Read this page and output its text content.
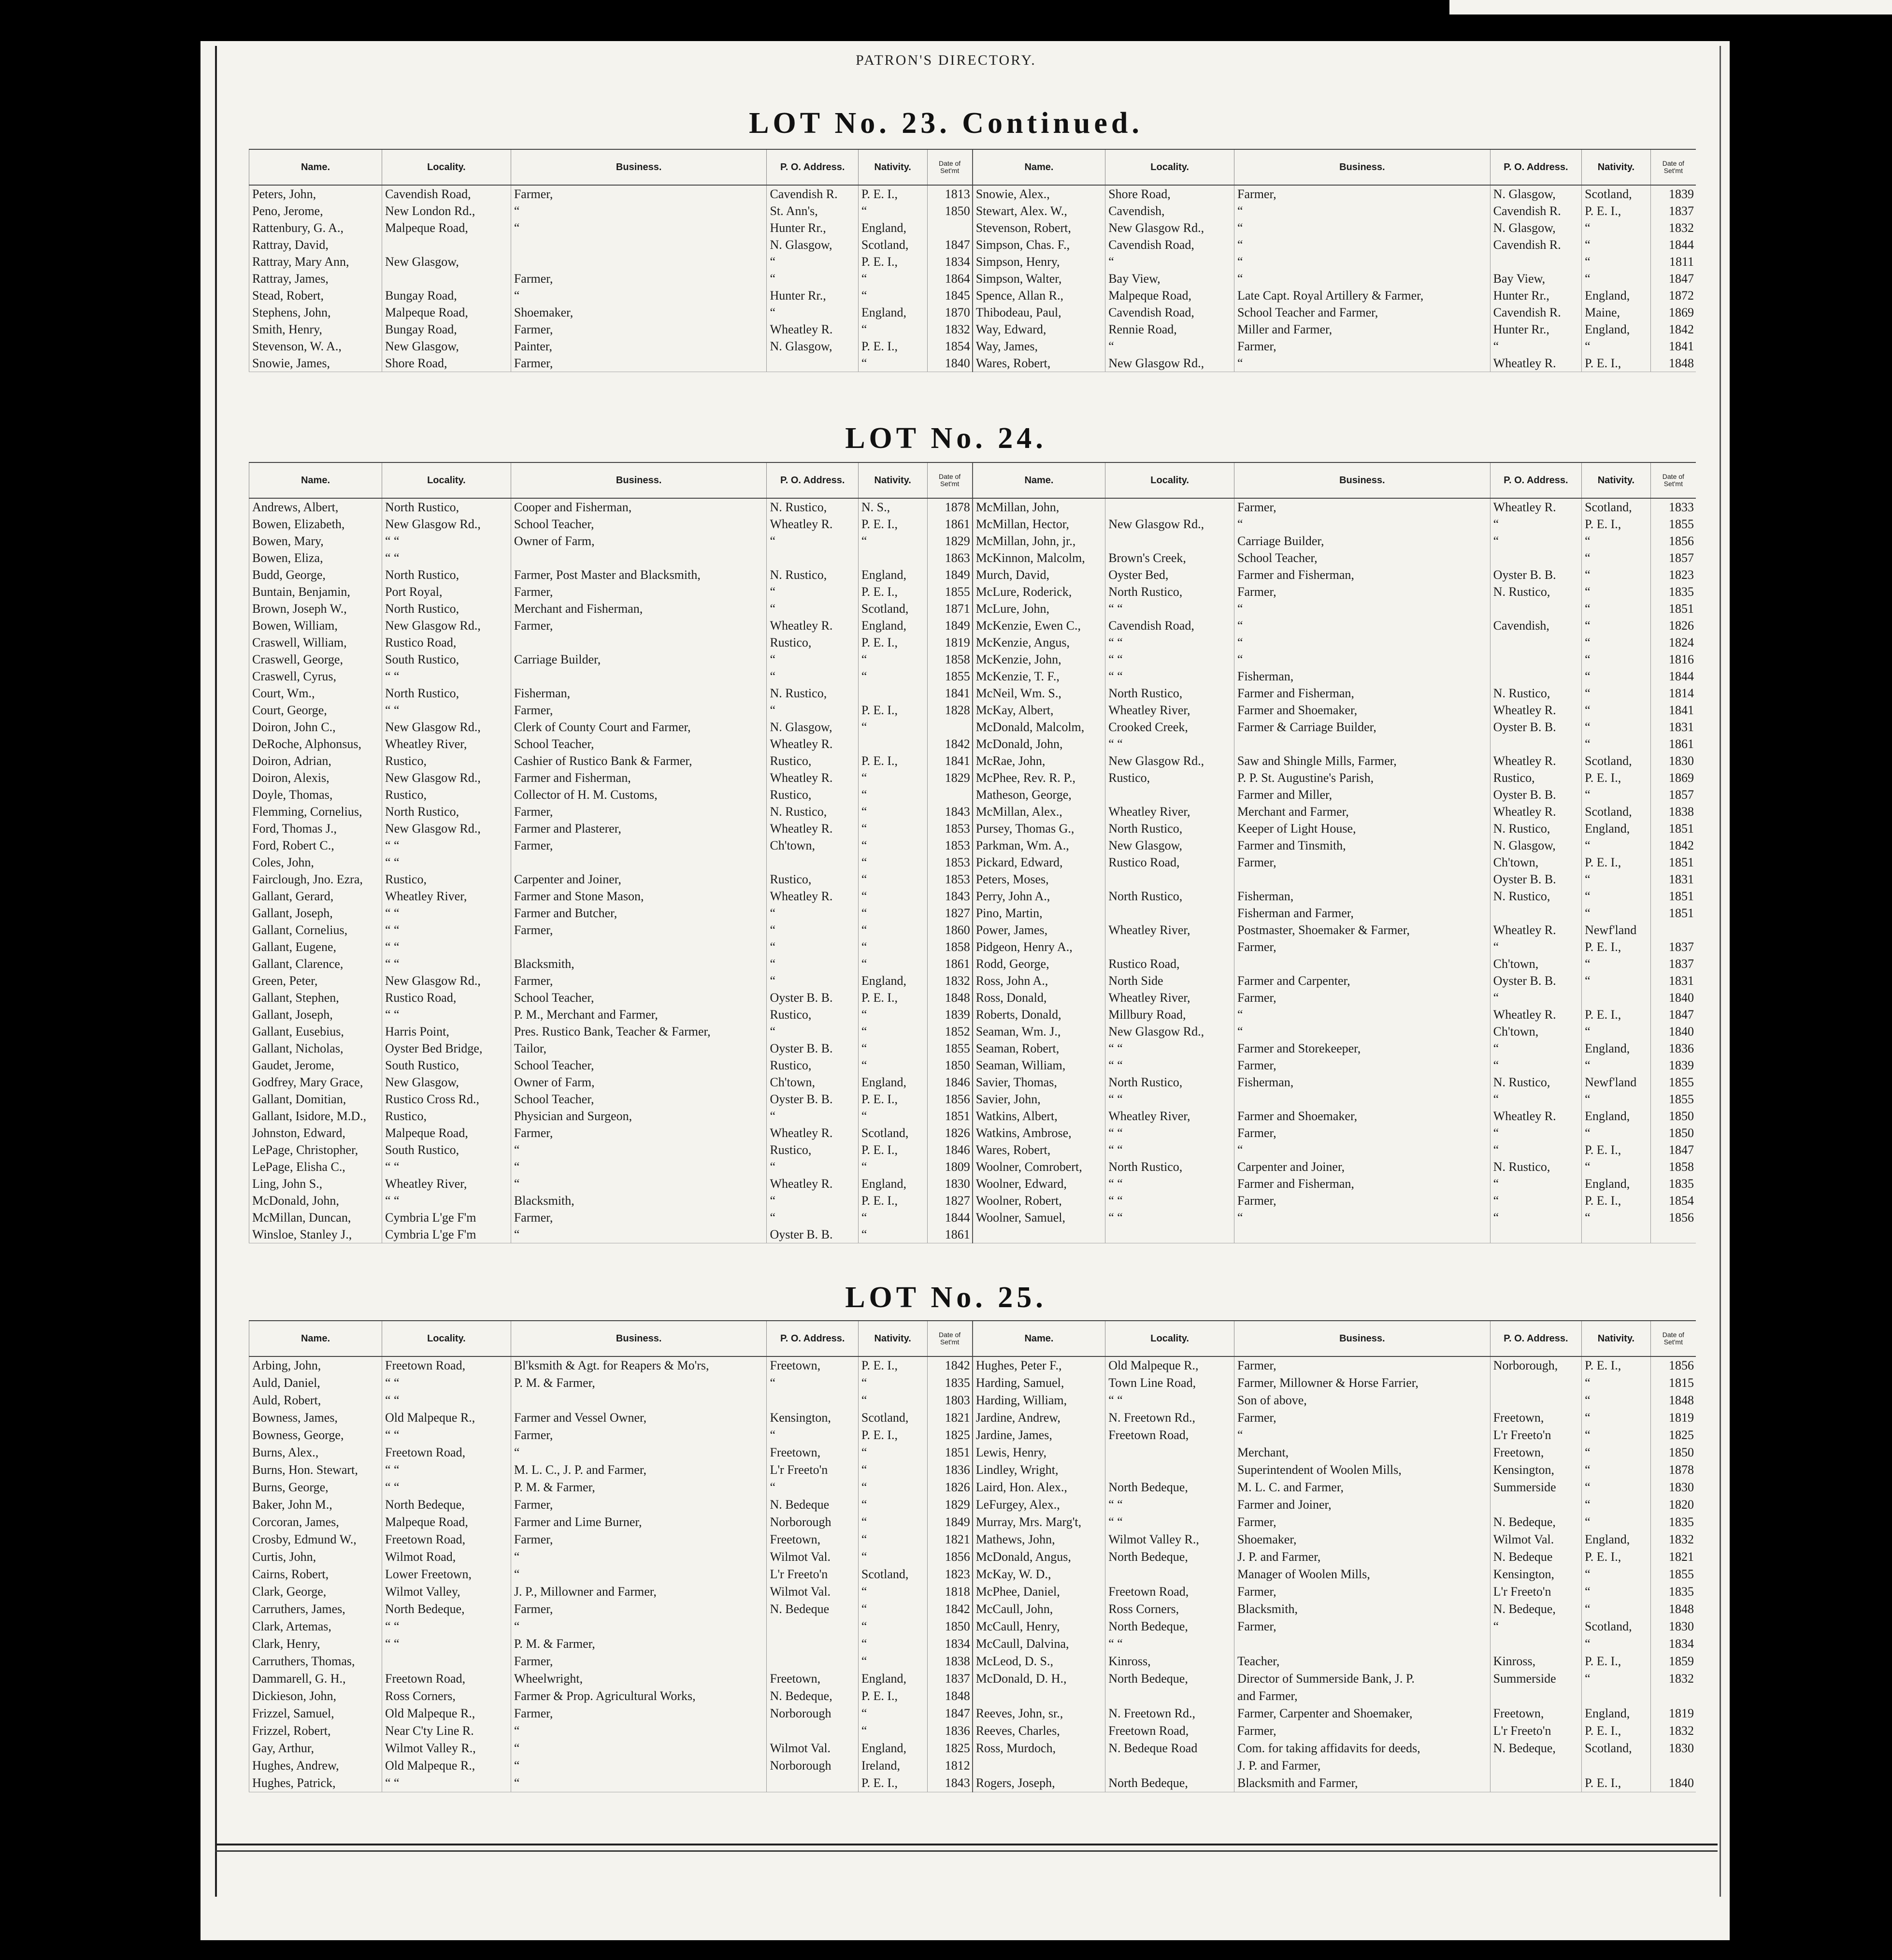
PATRON'S DIRECTORY.
LOT No. 23. Continued.
Name.	Locality.	Business.	P. O. Address.	Nativity.	Date of Set'mt	Name.	Locality.	Business.	P. O. Address.	Nativity.	Date of Set'mt
Peters, John,	Cavendish Road,	Farmer,	Cavendish R.	P. E. I.,	1813	Snowie, Alex.,	Shore Road,	Farmer,	N. Glasgow,	Scotland,	1839
Peno, Jerome,	New London Rd.,	“	St. Ann's,	“	1850	Stewart, Alex. W.,	Cavendish,	“	Cavendish R.	P. E. I.,	1837
Rattenbury, G. A.,	Malpeque Road,	“	Hunter Rr.,	England,		Stevenson, Robert,	New Glasgow Rd.,	“	N. Glasgow,	“	1832
Rattray, David,			N. Glasgow,	Scotland,	1847	Simpson, Chas. F.,	Cavendish Road,	“	Cavendish R.	“	1844
Rattray, Mary Ann,	New Glasgow,		“	P. E. I.,	1834	Simpson, Henry,	“	“		“	1811
Rattray, James,		Farmer,	“	“	1864	Simpson, Walter,	Bay View,	“	Bay View,	“	1847
Stead, Robert,	Bungay Road,	“	Hunter Rr.,	“	1845	Spence, Allan R.,	Malpeque Road,	Late Capt. Royal Artillery & Farmer,	Hunter Rr.,	England,	1872
Stephens, John,	Malpeque Road,	Shoemaker,	“	England,	1870	Thibodeau, Paul,	Cavendish Road,	School Teacher and Farmer,	Cavendish R.	Maine,	1869
Smith, Henry,	Bungay Road,	Farmer,	Wheatley R.	“	1832	Way, Edward,	Rennie Road,	Miller and Farmer,	Hunter Rr.,	England,	1842
Stevenson, W. A.,	New Glasgow,	Painter,	N. Glasgow,	P. E. I.,	1854	Way, James,	“	Farmer,	“	“	1841
Snowie, James,	Shore Road,	Farmer,		“	1840	Wares, Robert,	New Glasgow Rd.,	“	Wheatley R.	P. E. I.,	1848
LOT No. 24.
Name.	Locality.	Business.	P. O. Address.	Nativity.	Date of Set'mt	Name.	Locality.	Business.	P. O. Address.	Nativity.	Date of Set'mt
Andrews, Albert,	North Rustico,	Cooper and Fisherman,	N. Rustico,	N. S.,	1878	McMillan, John,		Farmer,	Wheatley R.	Scotland,	1833
Bowen, Elizabeth,	New Glasgow Rd.,	School Teacher,	Wheatley R.	P. E. I.,	1861	McMillan, Hector,	New Glasgow Rd.,	“	“	P. E. I.,	1855
Bowen, Mary,	“ “	Owner of Farm,	“	“	1829	McMillan, John, jr.,		Carriage Builder,	“	“	1856
Bowen, Eliza,	“ “				1863	McKinnon, Malcolm,	Brown's Creek,	School Teacher,		“	1857
Budd, George,	North Rustico,	Farmer, Post Master and Blacksmith,	N. Rustico,	England,	1849	Murch, David,	Oyster Bed,	Farmer and Fisherman,	Oyster B. B.	“	1823
Buntain, Benjamin,	Port Royal,	Farmer,	“	P. E. I.,	1855	McLure, Roderick,	North Rustico,	Farmer,	N. Rustico,	“	1835
Brown, Joseph W.,	North Rustico,	Merchant and Fisherman,	“	Scotland,	1871	McLure, John,	“ “	“		“	1851
Bowen, William,	New Glasgow Rd.,	Farmer,	Wheatley R.	England,	1849	McKenzie, Ewen C.,	Cavendish Road,	“	Cavendish,	“	1826
Craswell, William,	Rustico Road,		Rustico,	P. E. I.,	1819	McKenzie, Angus,	“ “	“		“	1824
Craswell, George,	South Rustico,	Carriage Builder,	“	“	1858	McKenzie, John,	“ “	“		“	1816
Craswell, Cyrus,	“ “		“	“	1855	McKenzie, T. F.,	“ “	Fisherman,		“	1844
Court, Wm.,	North Rustico,	Fisherman,	N. Rustico,		1841	McNeil, Wm. S.,	North Rustico,	Farmer and Fisherman,	N. Rustico,	“	1814
Court, George,	“ “	Farmer,	“	P. E. I.,	1828	McKay, Albert,	Wheatley River,	Farmer and Shoemaker,	Wheatley R.	“	1841
Doiron, John C.,	New Glasgow Rd.,	Clerk of County Court and Farmer,	N. Glasgow,	“		McDonald, Malcolm,	Crooked Creek,	Farmer & Carriage Builder,	Oyster B. B.	“	1831
DeRoche, Alphonsus,	Wheatley River,	School Teacher,	Wheatley R.		1842	McDonald, John,	“ “			“	1861
Doiron, Adrian,	Rustico,	Cashier of Rustico Bank & Farmer,	Rustico,	P. E. I.,	1841	McRae, John,	New Glasgow Rd.,	Saw and Shingle Mills, Farmer,	Wheatley R.	Scotland,	1830
Doiron, Alexis,	New Glasgow Rd.,	Farmer and Fisherman,	Wheatley R.	“	1829	McPhee, Rev. R. P.,	Rustico,	P. P. St. Augustine's Parish,	Rustico,	P. E. I.,	1869
Doyle, Thomas,	Rustico,	Collector of H. M. Customs,	Rustico,	“		Matheson, George,		Farmer and Miller,	Oyster B. B.	“	1857
Flemming, Cornelius,	North Rustico,	Farmer,	N. Rustico,	“	1843	McMillan, Alex.,	Wheatley River,	Merchant and Farmer,	Wheatley R.	Scotland,	1838
Ford, Thomas J.,	New Glasgow Rd.,	Farmer and Plasterer,	Wheatley R.	“	1853	Pursey, Thomas G.,	North Rustico,	Keeper of Light House,	N. Rustico,	England,	1851
Ford, Robert C.,	“ “	Farmer,	Ch'town,	“	1853	Parkman, Wm. A.,	New Glasgow,	Farmer and Tinsmith,	N. Glasgow,	“	1842
Coles, John,	“ “			“	1853	Pickard, Edward,	Rustico Road,	Farmer,	Ch'town,	P. E. I.,	1851
Fairclough, Jno. Ezra,	Rustico,	Carpenter and Joiner,	Rustico,	“	1853	Peters, Moses,			Oyster B. B.	“	1831
Gallant, Gerard,	Wheatley River,	Farmer and Stone Mason,	Wheatley R.	“	1843	Perry, John A.,	North Rustico,	Fisherman,	N. Rustico,	“	1851
Gallant, Joseph,	“ “	Farmer and Butcher,	“	“	1827	Pino, Martin,		Fisherman and Farmer,		“	1851
Gallant, Cornelius,	“ “	Farmer,	“	“	1860	Power, James,	Wheatley River,	Postmaster, Shoemaker & Farmer,	Wheatley R.	Newf'land	
Gallant, Eugene,	“ “		“	“	1858	Pidgeon, Henry A.,		Farmer,	“	P. E. I.,	1837
Gallant, Clarence,	“ “	Blacksmith,	“	“	1861	Rodd, George,	Rustico Road,		Ch'town,	“	1837
Green, Peter,	New Glasgow Rd.,	Farmer,	“	England,	1832	Ross, John A.,	North Side	Farmer and Carpenter,	Oyster B. B.	“	1831
Gallant, Stephen,	Rustico Road,	School Teacher,	Oyster B. B.	P. E. I.,	1848	Ross, Donald,	Wheatley River,	Farmer,	“		1840
Gallant, Joseph,	“ “	P. M., Merchant and Farmer,	Rustico,	“	1839	Roberts, Donald,	Millbury Road,	“	Wheatley R.	P. E. I.,	1847
Gallant, Eusebius,	Harris Point,	Pres. Rustico Bank, Teacher & Farmer,	“	“	1852	Seaman, Wm. J.,	New Glasgow Rd.,	“	Ch'town,	“	1840
Gallant, Nicholas,	Oyster Bed Bridge,	Tailor,	Oyster B. B.	“	1855	Seaman, Robert,	“ “	Farmer and Storekeeper,	“	England,	1836
Gaudet, Jerome,	South Rustico,	School Teacher,	Rustico,	“	1850	Seaman, William,	“ “	Farmer,	“	“	1839
Godfrey, Mary Grace,	New Glasgow,	Owner of Farm,	Ch'town,	England,	1846	Savier, Thomas,	North Rustico,	Fisherman,	N. Rustico,	Newf'land	1855
Gallant, Domitian,	Rustico Cross Rd.,	School Teacher,	Oyster B. B.	P. E. I.,	1856	Savier, John,	“ “		“	“	1855
Gallant, Isidore, M.D.,	Rustico,	Physician and Surgeon,	“	“	1851	Watkins, Albert,	Wheatley River,	Farmer and Shoemaker,	Wheatley R.	England,	1850
Johnston, Edward,	Malpeque Road,	Farmer,	Wheatley R.	Scotland,	1826	Watkins, Ambrose,	“ “	Farmer,	“	“	1850
LePage, Christopher,	South Rustico,	“	Rustico,	P. E. I.,	1846	Wares, Robert,	“ “	“	“	P. E. I.,	1847
LePage, Elisha C.,	“ “	“	“	“	1809	Woolner, Comrobert,	North Rustico,	Carpenter and Joiner,	N. Rustico,	“	1858
Ling, John S.,	Wheatley River,	“	Wheatley R.	England,	1830	Woolner, Edward,	“ “	Farmer and Fisherman,	“	England,	1835
McDonald, John,	“ “	Blacksmith,	“	P. E. I.,	1827	Woolner, Robert,	“ “	Farmer,	“	P. E. I.,	1854
McMillan, Duncan,	Cymbria L'ge F'm	Farmer,	“	“	1844	Woolner, Samuel,	“ “	“	“	“	1856
Winsloe, Stanley J.,	Cymbria L'ge F'm	“	Oyster B. B.	“	1861						
LOT No. 25.
Name.	Locality.	Business.	P. O. Address.	Nativity.	Date of Set'mt	Name.	Locality.	Business.	P. O. Address.	Nativity.	Date of Set'mt
Arbing, John,	Freetown Road,	Bl'ksmith & Agt. for Reapers & Mo'rs,	Freetown,	P. E. I.,	1842	Hughes, Peter F.,	Old Malpeque R.,	Farmer,	Norborough,	P. E. I.,	1856
Auld, Daniel,	“ “	P. M. & Farmer,	“	“	1835	Harding, Samuel,	Town Line Road,	Farmer, Millowner & Horse Farrier,		“	1815
Auld, Robert,	“ “			“	1803	Harding, William,	“ “	Son of above,		“	1848
Bowness, James,	Old Malpeque R.,	Farmer and Vessel Owner,	Kensington,	Scotland,	1821	Jardine, Andrew,	N. Freetown Rd.,	Farmer,	Freetown,	“	1819
Bowness, George,	“ “	Farmer,	“	P. E. I.,	1825	Jardine, James,	Freetown Road,	“	L'r Freeto'n	“	1825
Burns, Alex.,	Freetown Road,	“	Freetown,	“	1851	Lewis, Henry,		Merchant,	Freetown,	“	1850
Burns, Hon. Stewart,	“ “	M. L. C., J. P. and Farmer,	L'r Freeto'n	“	1836	Lindley, Wright,		Superintendent of Woolen Mills,	Kensington,	“	1878
Burns, George,	“ “	P. M. & Farmer,	“	“	1826	Laird, Hon. Alex.,	North Bedeque,	M. L. C. and Farmer,	Summerside	“	1830
Baker, John M.,	North Bedeque,	Farmer,	N. Bedeque	“	1829	LeFurgey, Alex.,	“ “	Farmer and Joiner,		“	1820
Corcoran, James,	Malpeque Road,	Farmer and Lime Burner,	Norborough	“	1849	Murray, Mrs. Marg't,	“ “	Farmer,	N. Bedeque,	“	1835
Crosby, Edmund W.,	Freetown Road,	Farmer,	Freetown,	“	1821	Mathews, John,	Wilmot Valley R.,	Shoemaker,	Wilmot Val.	England,	1832
Curtis, John,	Wilmot Road,	“	Wilmot Val.	“	1856	McDonald, Angus,	North Bedeque,	J. P. and Farmer,	N. Bedeque	P. E. I.,	1821
Cairns, Robert,	Lower Freetown,	“	L'r Freeto'n	Scotland,	1823	McKay, W. D.,		Manager of Woolen Mills,	Kensington,	“	1855
Clark, George,	Wilmot Valley,	J. P., Millowner and Farmer,	Wilmot Val.	“	1818	McPhee, Daniel,	Freetown Road,	Farmer,	L'r Freeto'n	“	1835
Carruthers, James,	North Bedeque,	Farmer,	N. Bedeque	“	1842	McCaull, John,	Ross Corners,	Blacksmith,	N. Bedeque,	“	1848
Clark, Artemas,	“ “	“		“	1850	McCaull, Henry,	North Bedeque,	Farmer,	“	Scotland,	1830
Clark, Henry,	“ “	P. M. & Farmer,		“	1834	McCaull, Dalvina,	“ “			“	1834
Carruthers, Thomas,		Farmer,		“	1838	McLeod, D. S.,	Kinross,	Teacher,	Kinross,	P. E. I.,	1859
Dammarell, G. H.,	Freetown Road,	Wheelwright,	Freetown,	England,	1837	McDonald, D. H.,	North Bedeque,	Director of Summerside Bank, J. P.	Summerside	“	1832
Dickieson, John,	Ross Corners,	Farmer & Prop. Agricultural Works,	N. Bedeque,	P. E. I.,	1848			and Farmer,			
Frizzel, Samuel,	Old Malpeque R.,	Farmer,	Norborough	“	1847	Reeves, John, sr.,	N. Freetown Rd.,	Farmer, Carpenter and Shoemaker,	Freetown,	England,	1819
Frizzel, Robert,	Near C'ty Line R.	“		“	1836	Reeves, Charles,	Freetown Road,	Farmer,	L'r Freeto'n	P. E. I.,	1832
Gay, Arthur,	Wilmot Valley R.,	“	Wilmot Val.	England,	1825	Ross, Murdoch,	N. Bedeque Road	Com. for taking affidavits for deeds,	N. Bedeque,	Scotland,	1830
Hughes, Andrew,	Old Malpeque R.,	“	Norborough	Ireland,	1812			J. P. and Farmer,			
Hughes, Patrick,	“ “	“		P. E. I.,	1843	Rogers, Joseph,	North Bedeque,	Blacksmith and Farmer,		P. E. I.,	1840
